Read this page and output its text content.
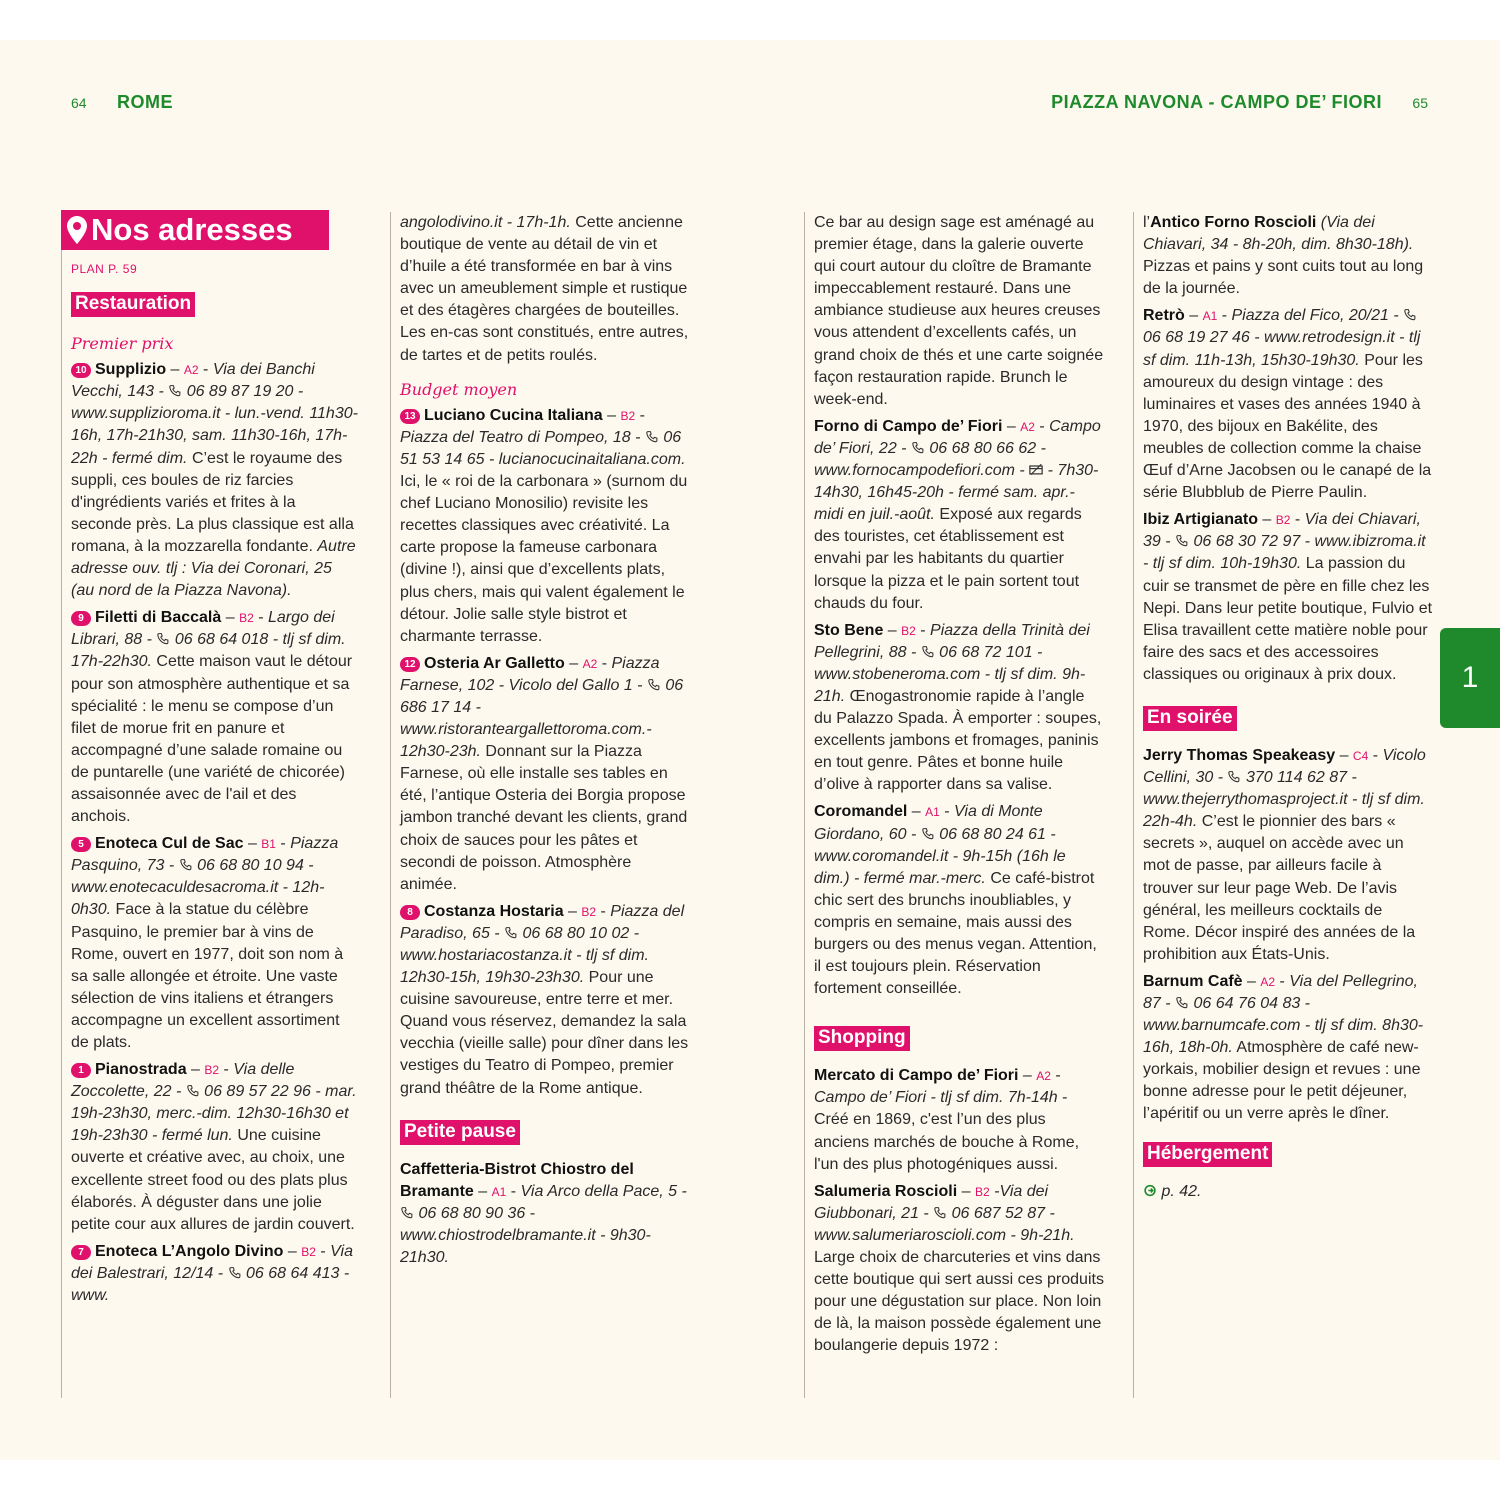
64 ROME	PIAZZA NAVONA - CAMPO DE’ FIORI 65
1
Nos adresses
PLAN P. 59
Restauration
Premier prix

10 Supplizio – A2 - Via dei Banchi Vecchi, 143 -  06 89 87 19 20 - www.supplizioroma.it - lun.-vend. 11h30-16h, 17h-21h30, sam. 11h30-16h, 17h-22h - fermé dim. C’est le royaume des suppli, ces boules de riz farcies d'ingrédients variés et frites à la seconde près. La plus classique est alla romana, à la mozzarella fondante. Autre adresse ouv. tlj : Via dei Coronari, 25 (au nord de la Piazza Navona).

9 Filetti di Baccalà – B2 - Largo dei Librari, 88 -  06 68 64 018 - tlj sf dim. 17h-22h30. Cette maison vaut le détour pour son atmosphère authentique et sa spécialité : le menu se compose d’un filet de morue frit en panure et accompagné d’une salade romaine ou de puntarelle (une variété de chicorée) assaisonnée avec de l'ail et des anchois.

5 Enoteca Cul de Sac – B1 - Piazza Pasquino, 73 -  06 68 80 10 94 - www.enotecaculdesacroma.it - 12h-0h30. Face à la statue du célèbre Pasquino, le premier bar à vins de Rome, ouvert en 1977, doit son nom à sa salle allongée et étroite. Une vaste sélection de vins italiens et étrangers accompagne un excellent assortiment de plats.

1 Pianostrada – B2 - Via delle Zoccolette, 22 -  06 89 57 22 96 - mar. 19h-23h30, merc.-dim. 12h30-16h30 et 19h-23h30 - fermé lun. Une cuisine ouverte et créative avec, au choix, une excellente street food ou des plats plus élaborés. À déguster dans une jolie petite cour aux allures de jardin couvert.

7 Enoteca L’Angolo Divino – B2 - Via dei Balestrari, 12/14 -  06 68 64 413 - www.

angolodivino.it - 17h-1h. Cette ancienne boutique de vente au détail de vin et d’huile a été transformée en bar à vins avec un ameublement simple et rustique et des étagères chargées de bouteilles. Les en-cas sont constitués, entre autres, de tartes et de petits roulés.

Budget moyen

13 Luciano Cucina Italiana – B2 - Piazza del Teatro di Pompeo, 18 -  06 51 53 14 65 - lucianocucinaitaliana.com. Ici, le « roi de la carbonara » (surnom du chef Luciano Monosilio) revisite les recettes classiques avec créativité. La carte propose la fameuse carbonara (divine !), ainsi que d’excellents plats, plus chers, mais qui valent également le détour. Jolie salle style bistrot et charmante terrasse.

12 Osteria Ar Galletto – A2 - Piazza Farnese, 102 - Vicolo del Gallo 1 -  06 686 17 14 - www.ristoranteargallettoroma.com.- 12h30-23h. Donnant sur la Piazza Farnese, où elle installe ses tables en été, l’antique Osteria dei Borgia propose jambon tranché devant les clients, grand choix de sauces pour les pâtes et secondi de poisson. Atmosphère animée.

8 Costanza Hostaria – B2 - Piazza del Paradiso, 65 -  06 68 80 10 02 - www.hostariacostanza.it - tlj sf dim. 12h30-15h, 19h30-23h30. Pour une cuisine savoureuse, entre terre et mer. Quand vous réservez, demandez la sala vecchia (vieille salle) pour dîner dans les vestiges du Teatro di Pompeo, premier grand théâtre de la Rome antique.

Petite pause

Caffetteria-Bistrot Chiostro del Bramante – A1 - Via Arco della Pace, 5 -  06 68 80 90 36 - www.chiostrodelbramante.it - 9h30-21h30.

Ce bar au design sage est aménagé au premier étage, dans la galerie ouverte qui court autour du cloître de Bramante impeccablement restauré. Dans une ambiance studieuse aux heures creuses vous attendent d’excellents cafés, un grand choix de thés et une carte soignée façon restauration rapide. Brunch le week-end.

Forno di Campo de’ Fiori – A2 - Campo de’ Fiori, 22 -  06 68 80 66 62 - www.fornocampodefiori.com - - 7h30-14h30, 16h45-20h - fermé sam. apr.-midi en juil.-août. Exposé aux regards des touristes, cet établissement est envahi par les habitants du quartier lorsque la pizza et le pain sortent tout chauds du four.

Sto Bene – B2 - Piazza della Trinità dei Pellegrini, 88 -  06 68 72 101 - www.stobeneroma.com - tlj sf dim. 9h-21h. Œnogastronomie rapide à l’angle du Palazzo Spada. À emporter : soupes, excellents jambons et fromages, paninis en tout genre. Pâtes et bonne huile d’olive à rapporter dans sa valise.

Coromandel – A1 - Via di Monte Giordano, 60 -  06 68 80 24 61 - www.coromandel.it - 9h-15h (16h le dim.) - fermé mar.-merc. Ce café-bistrot chic sert des brunchs inoubliables, y compris en semaine, mais aussi des burgers ou des menus vegan. Attention, il est toujours plein. Réservation fortement conseillée.

Shopping

Mercato di Campo de’ Fiori – A2 - Campo de’ Fiori - tlj sf dim. 7h-14h - Créé en 1869, c'est l’un des plus anciens marchés de bouche à Rome, l'un des plus photogéniques aussi.

Salumeria Roscioli – B2 -Via dei Giubbonari, 21 -  06 687 52 87 - www.salumeriaroscioli.com - 9h-21h. Large choix de charcuteries et vins dans cette boutique qui sert aussi ces produits pour une dégustation sur place. Non loin de là, la maison possède également une boulangerie depuis 1972 :

l’Antico Forno Roscioli (Via dei Chiavari, 34 - 8h-20h, dim. 8h30-18h). Pizzas et pains y sont cuits tout au long de la journée.

Retrò – A1 - Piazza del Fico, 20/21 -  06 68 19 27 46 - www.retrodesign.it - tlj sf dim. 11h-13h, 15h30-19h30. Pour les amoureux du design vintage : des luminaires et vases des années 1940 à 1970, des bijoux en Bakélite, des meubles de collection comme la chaise Œuf d’Arne Jacobsen ou le canapé de la série Blubblub de Pierre Paulin.

Ibiz Artigianato – B2 - Via dei Chiavari, 39 -  06 68 30 72 97 - www.ibizroma.it - tlj sf dim. 10h-19h30. La passion du cuir se transmet de père en fille chez les Nepi. Dans leur petite boutique, Fulvio et Elisa travaillent cette matière noble pour faire des sacs et des accessoires classiques ou originaux à prix doux.

En soirée

Jerry Thomas Speakeasy – C4 - Vicolo Cellini, 30 -  370 114 62 87 - www.thejerrythomasproject.it - tlj sf dim. 22h-4h. C’est le pionnier des bars « secrets », auquel on accède avec un mot de passe, par ailleurs facile à trouver sur leur page Web. De l’avis général, les meilleurs cocktails de Rome. Décor inspiré des années de la prohibition aux États-Unis.

Barnum Cafè – A2 - Via del Pellegrino, 87 -  06 64 76 04 83 - www.barnumcafe.com - tlj sf dim. 8h30-16h, 18h-0h. Atmosphère de café new-yorkais, mobilier design et revues : une bonne adresse pour le petit déjeuner, l’apéritif ou un verre après le dîner.

Hébergement

p. 42.
